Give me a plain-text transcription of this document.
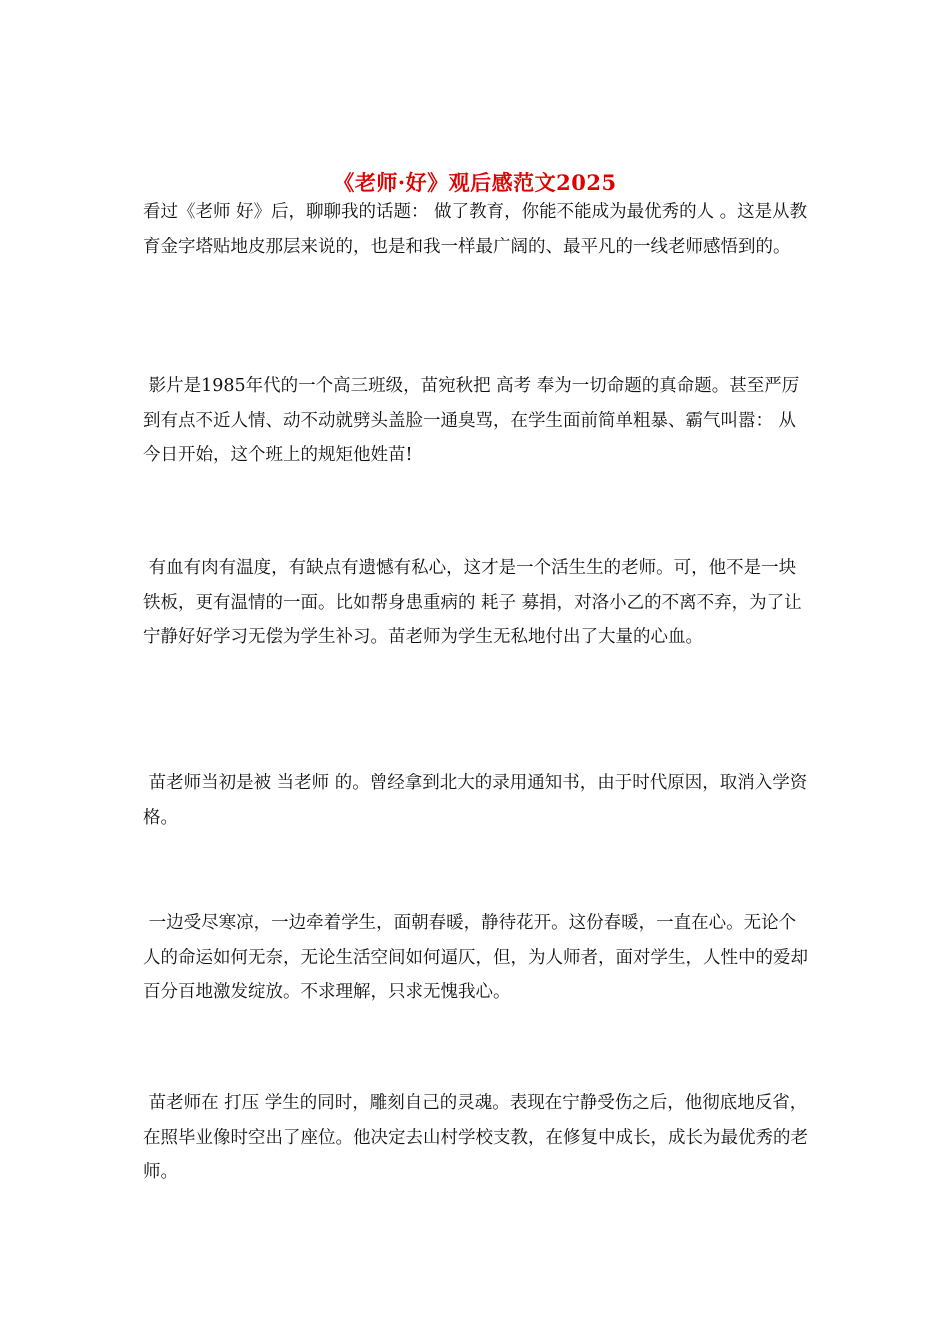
《老师·好》观后感范文2025

看过《老师 好》后，聊聊我的话题： 做了教育，你能不能成为最优秀的人 。这是从教育金字塔贴地皮那层来说的，也是和我一样最广阔的、最平凡的一线老师感悟到的。

影片是1985年代的一个高三班级，苗宛秋把 高考 奉为一切命题的真命题。甚至严厉到有点不近人情、动不动就劈头盖脸一通臭骂，在学生面前简单粗暴、霸气叫嚣： 从今日开始，这个班上的规矩他姓苗!

有血有肉有温度，有缺点有遗憾有私心，这才是一个活生生的老师。可，他不是一块铁板，更有温情的一面。比如帮身患重病的 耗子 募捐，对洛小乙的不离不弃，为了让宁静好好学习无偿为学生补习。苗老师为学生无私地付出了大量的心血。

苗老师当初是被 当老师 的。曾经拿到北大的录用通知书，由于时代原因，取消入学资格。

一边受尽寒凉，一边牵着学生，面朝春暖，静待花开。这份春暖，一直在心。无论个人的命运如何无奈，无论生活空间如何逼仄，但，为人师者，面对学生，人性中的爱却百分百地激发绽放。不求理解，只求无愧我心。

苗老师在 打压 学生的同时，雕刻自己的灵魂。表现在宁静受伤之后，他彻底地反省，在照毕业像时空出了座位。他决定去山村学校支教，在修复中成长，成长为最优秀的老师。
